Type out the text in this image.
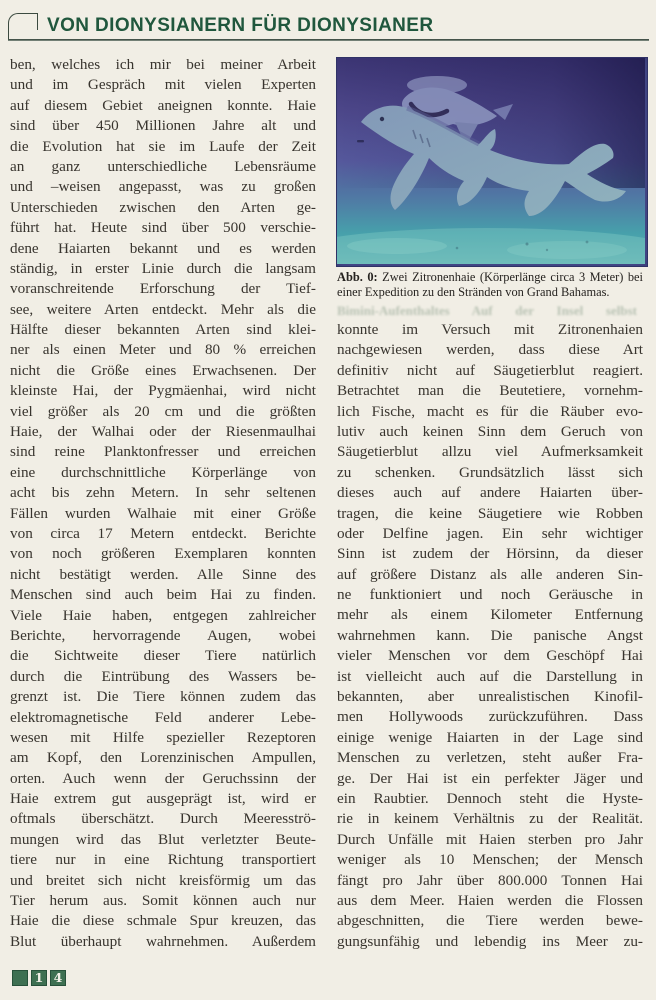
VON DIONYSIANERN FÜR DIONYSIANER
ben, welches ich mir bei meiner Arbeit
und im Gespräch mit vielen Experten
auf diesem Gebiet aneignen konnte. Haie
sind über 450 Millionen Jahre alt und
die Evolution hat sie im Laufe der Zeit
an ganz unterschiedliche Lebensräume
und –weisen angepasst, was zu großen
Unterschieden zwischen den Arten ge-
führt hat. Heute sind über 500 verschie-
dene Haiarten bekannt und es werden
ständig, in erster Linie durch die langsam
voranschreitende Erforschung der Tief-
see, weitere Arten entdeckt. Mehr als die
Hälfte dieser bekannten Arten sind klei-
ner als einen Meter und 80 % erreichen
nicht die Größe eines Erwachsenen. Der
kleinste Hai, der Pygmäenhai, wird nicht
viel größer als 20 cm und die größten
Haie, der Walhai oder der Riesenmaulhai
sind reine Planktonfresser und erreichen
eine durchschnittliche Körperlänge von
acht bis zehn Metern. In sehr seltenen
Fällen wurden Walhaie mit einer Größe
von circa 17 Metern entdeckt. Berichte
von noch größeren Exemplaren konnten
nicht bestätigt werden. Alle Sinne des
Menschen sind auch beim Hai zu finden.
Viele Haie haben, entgegen zahlreicher
Berichte, hervorragende Augen, wobei
die Sichtweite dieser Tiere natürlich
durch die Eintrübung des Wassers be-
grenzt ist. Die Tiere können zudem das
elektromagnetische Feld anderer Lebe-
wesen mit Hilfe spezieller Rezeptoren
am Kopf, den Lorenzinischen Ampullen,
orten. Auch wenn der Geruchssinn der
Haie extrem gut ausgeprägt ist, wird er
oftmals überschätzt. Durch Meeresströ-
mungen wird das Blut verletzter Beute-
tiere nur in eine Richtung transportiert
und breitet sich nicht kreisförmig um das
Tier herum aus. Somit können auch nur
Haie die diese schmale Spur kreuzen, das
Blut überhaupt wahrnehmen. Außerdem
Abb. 0: Zwei Zitronenhaie (Körperlänge circa 3 Meter) bei
einer Expedition zu den Stränden von Grand Bahamas.
Bimini-Aufenthaltes Auf der Insel selbst
konnte im Versuch mit Zitronenhaien
nachgewiesen werden, dass diese Art
definitiv nicht auf Säugetierblut reagiert.
Betrachtet man die Beutetiere, vornehm-
lich Fische, macht es für die Räuber evo-
lutiv auch keinen Sinn dem Geruch von
Säugetierblut allzu viel Aufmerksamkeit
zu schenken. Grundsätzlich lässt sich
dieses auch auf andere Haiarten über-
tragen, die keine Säugetiere wie Robben
oder Delfine jagen. Ein sehr wichtiger
Sinn ist zudem der Hörsinn, da dieser
auf größere Distanz als alle anderen Sin-
ne funktioniert und noch Geräusche in
mehr als einem Kilometer Entfernung
wahrnehmen kann. Die panische Angst
vieler Menschen vor dem Geschöpf Hai
ist vielleicht auch auf die Darstellung in
bekannten, aber unrealistischen Kinofil-
men Hollywoods zurückzuführen. Dass
einige wenige Haiarten in der Lage sind
Menschen zu verletzen, steht außer Fra-
ge. Der Hai ist ein perfekter Jäger und
ein Raubtier. Dennoch steht die Hyste-
rie in keinem Verhältnis zu der Realität.
Durch Unfälle mit Haien sterben pro Jahr
weniger als 10 Menschen; der Mensch
fängt pro Jahr über 800.000 Tonnen Hai
aus dem Meer. Haien werden die Flossen
abgeschnitten, die Tiere werden bewe-
gungsunfähig und lebendig ins Meer zu-
1 4
